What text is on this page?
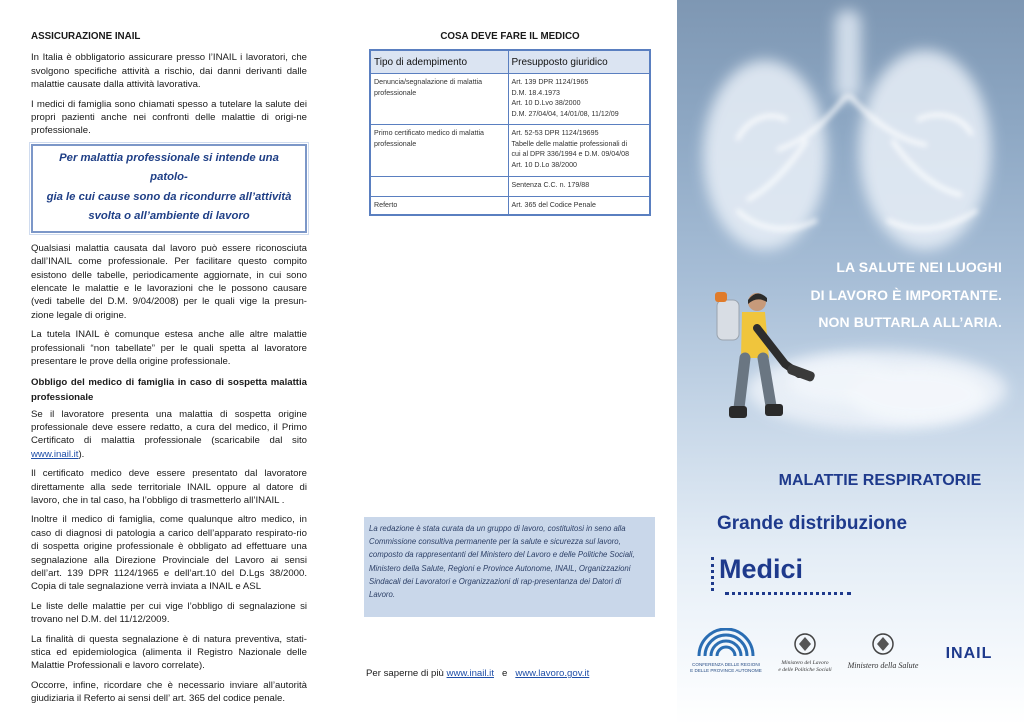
ASSICURAZIONE INAIL

In Italia è obbligatorio assicurare presso l’INAIL i lavoratori, che svolgono specifiche attività a rischio, dai danni derivanti dalle malattie causate dalla attività lavorativa.

I medici di famiglia sono chiamati spesso a tutelare la salute dei propri pazienti anche nei confronti delle malattie di origi-ne professionale.

Per malattia professionale si intende una patolo-
gia le cui cause sono da ricondurre all’attività
svolta o all’ambiente di lavoro

Qualsiasi malattia causata dal lavoro può essere riconosciuta dall’INAIL come professionale. Per facilitare questo compito esistono delle tabelle, periodicamente aggiornate, in cui sono elencate le malattie e le lavorazioni che le possono causare (vedi tabelle del D.M. 9/04/2008) per le quali vige la presun-zione legale di origine.

La tutela INAIL è comunque estesa anche alle altre malattie professionali “non tabellate” per le quali spetta al lavoratore presentare le prove della origine professionale.

Obbligo del medico di famiglia in caso di sospetta malattia professionale

Se il lavoratore presenta una malattia di sospetta origine professionale deve essere redatto, a cura del medico, il Primo Certificato di malattia professionale (scaricabile dal sito www.inail.it).

Il certificato medico deve essere presentato dal lavoratore direttamente alla sede territoriale INAIL oppure al datore di lavoro, che in tal caso, ha l’obbligo di trasmetterlo all’INAIL .

Inoltre il medico di famiglia, come qualunque altro medico, in caso di diagnosi di patologia a carico dell’apparato respirato-rio di sospetta origine professionale è obbligato ad effettuare una segnalazione alla Direzione Provinciale del Lavoro ai sensi dell’art. 139 DPR 1124/1965 e dell’art.10 del D.Lgs 38/2000. Copia di tale segnalazione verrà inviata a INAIL e ASL

Le liste delle malattie per cui vige l’obbligo di segnalazione si trovano nel D.M. del 11/12/2009.

La finalità di questa segnalazione è di natura preventiva, stati-stica ed epidemiologica (alimenta il Registro Nazionale delle Malattie Professionali e lavoro correlate).

Occorre, infine, ricordare che è necessario inviare all’autorità giudiziaria il Referto ai sensi dell’ art. 365 del codice penale.

COSA DEVE FARE IL MEDICO
Tipo di adempimento	Presupposto giuridico

Denuncia/segnalazione di malattia
professionale	Art. 139 DPR 1124/1965
D.M. 18.4.1973
Art. 10 D.Lvo 38/2000
D.M. 27/04/04, 14/01/08, 11/12/09

Primo certificato medico di malattia
professionale	Art. 52-53 DPR 1124/19695
Tabelle delle malattie professionali di
cui al DPR 336/1994 e D.M. 09/04/08
Art. 10 D.Lo 38/2000

	Sentenza C.C. n. 179/88

Referto	Art. 365 del Codice Penale
La redazione è stata curata da un gruppo di lavoro, costituitosi in seno alla Commissione consultiva permanente per la salute e sicurezza sul lavoro, composto da rappresentanti del Ministero del Lavoro e delle Politiche Sociali, Ministero della Salute, Regioni e Province Autonome, INAIL, Organizzazioni Sindacali dei Lavoratori e Organizzazioni di rap-presentanza dei Datori di Lavoro.
Per saperne di più www.inail.it   e   www.lavoro.gov.it
LA SALUTE NEI LUOGHI
DI LAVORO È IMPORTANTE.
NON BUTTARLA ALL’ARIA.
MALATTIE RESPIRATORIE
Grande distribuzione
Medici
CONFERENZA DELLE REGIONI
E DELLE PROVINCE AUTONOME
Ministero del Lavoro
e delle Politiche Sociali Ministero della Salute
INAIL
